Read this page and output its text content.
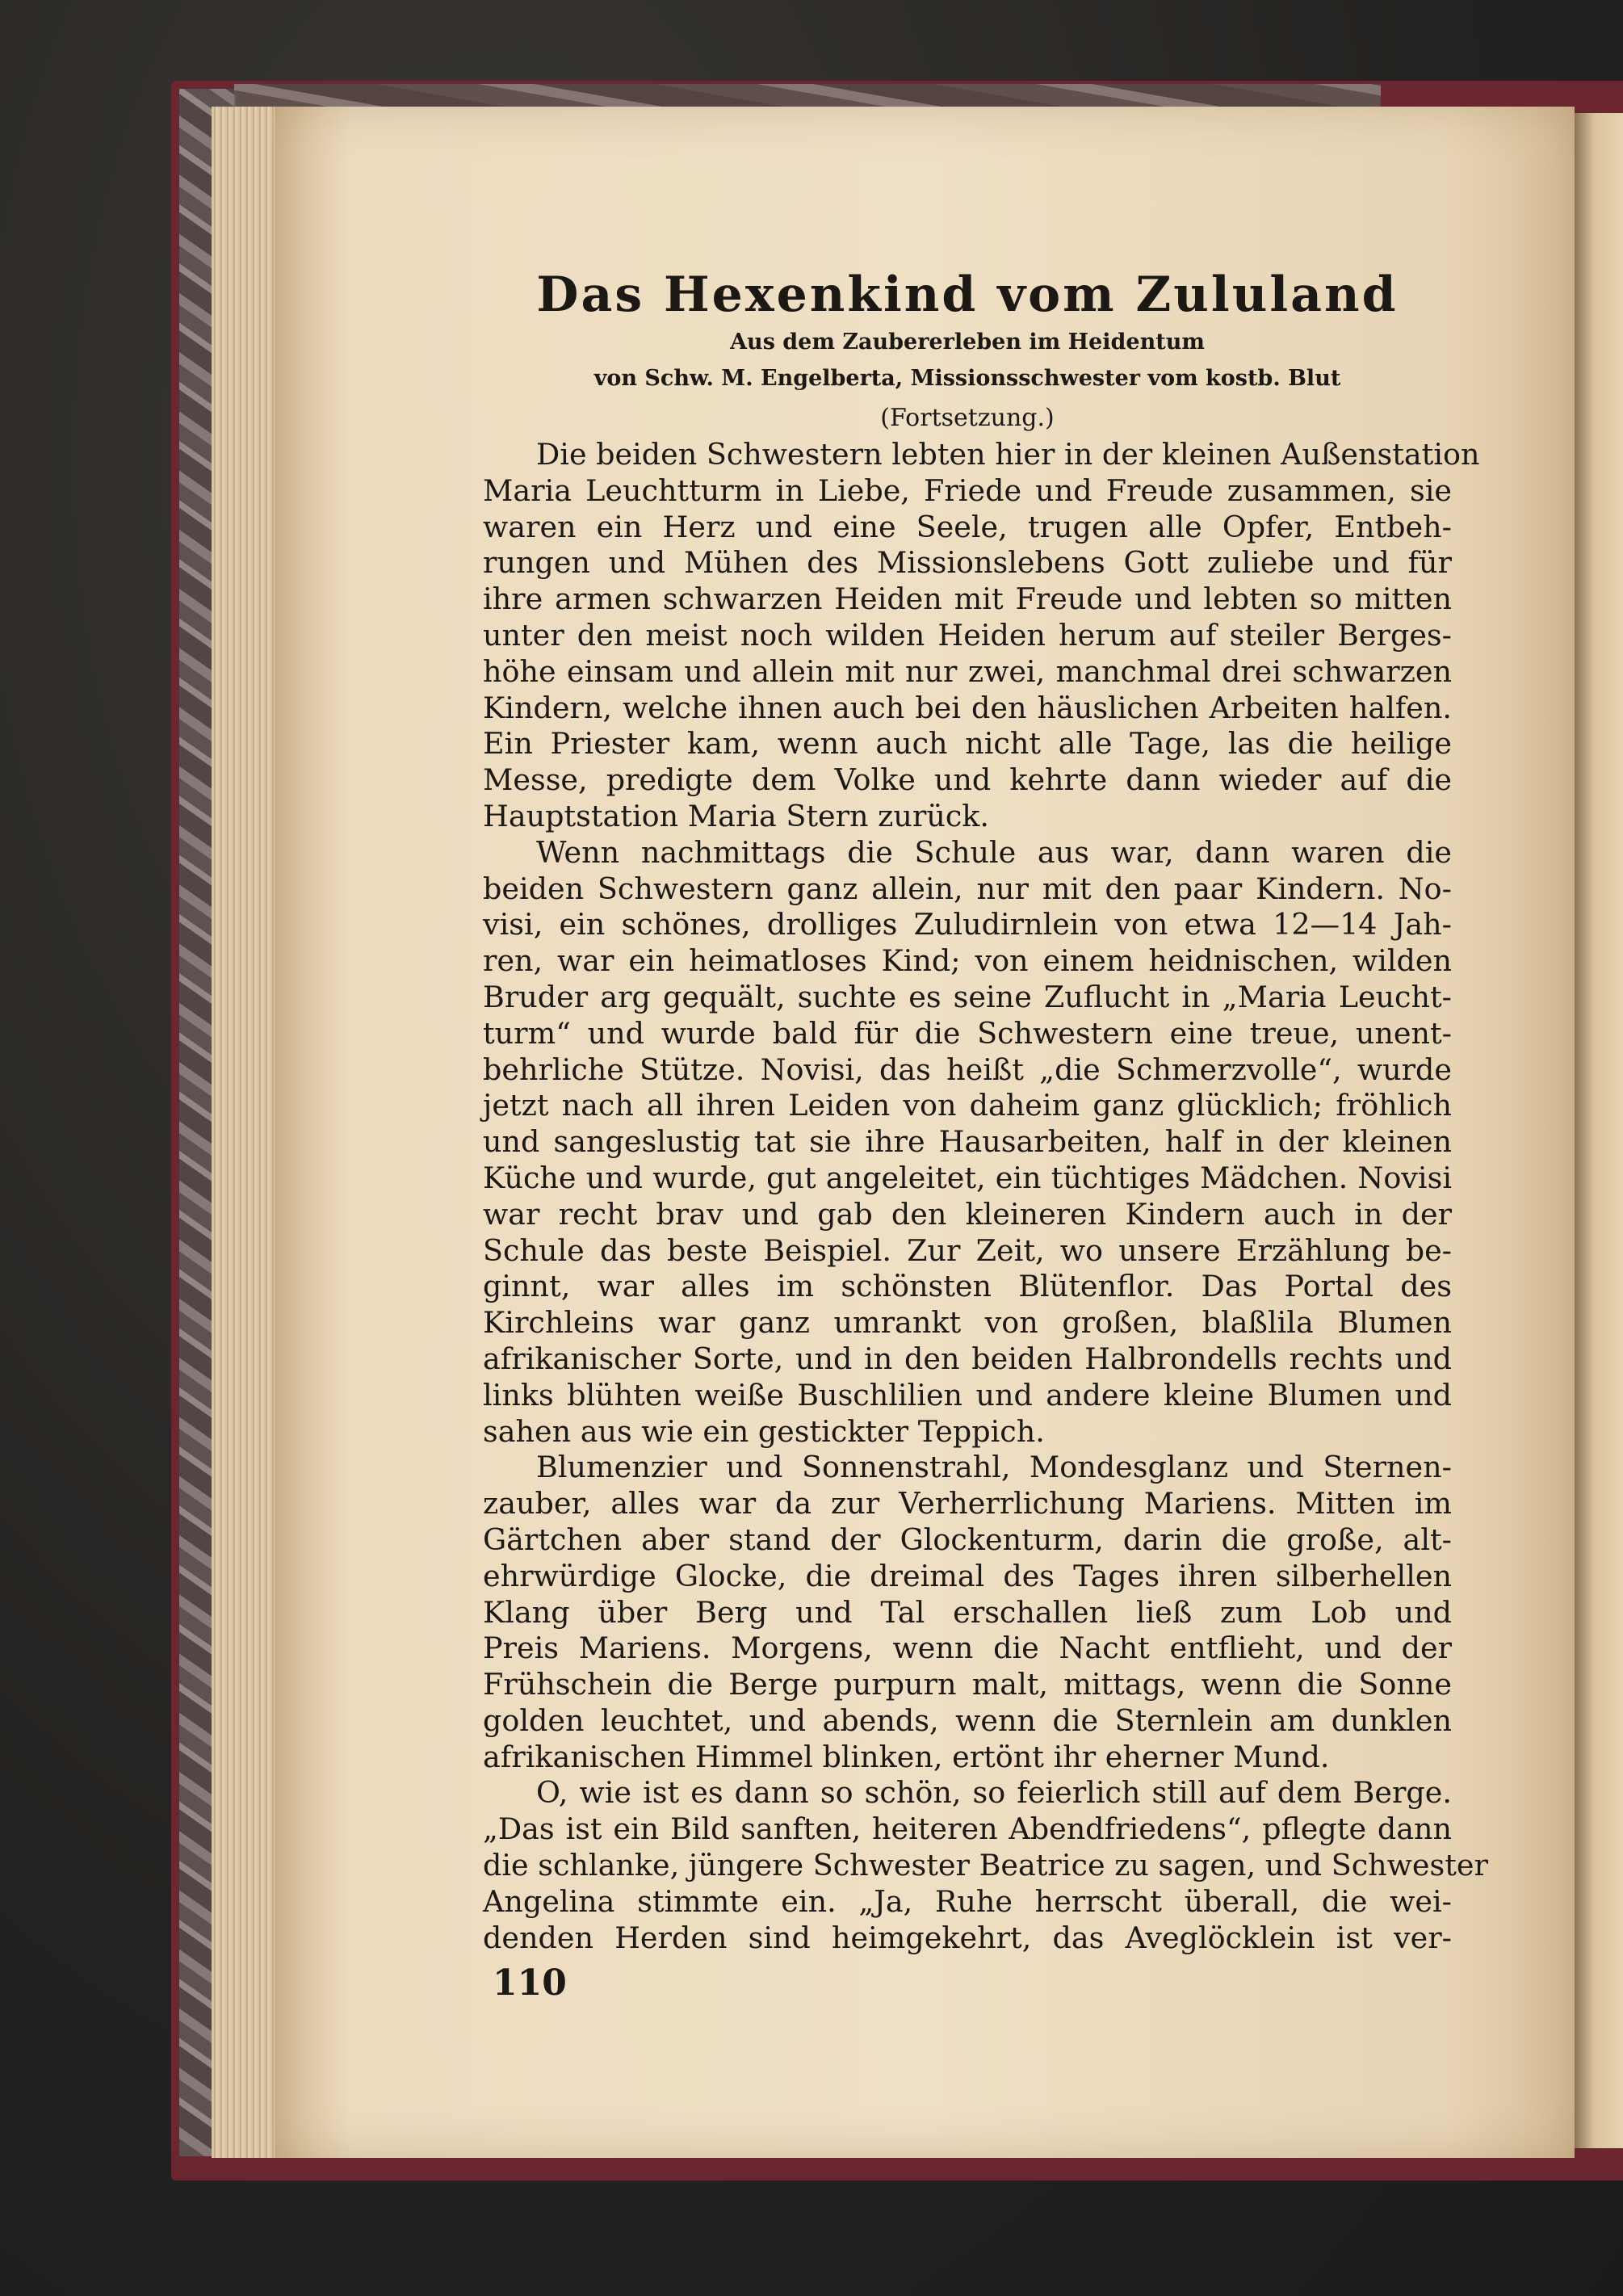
Das Hexenkind vom Zululand
Aus dem Zaubererleben im Heidentum
von Schw. M. Engelberta, Missionsschwester vom kostb. Blut
(Fortsetzung.)
Die beiden Schwestern lebten hier in der kleinen Außenstation
Maria Leuchtturm in Liebe, Friede und Freude zusammen, sie
waren ein Herz und eine Seele, trugen alle Opfer, Entbeh-
rungen und Mühen des Missionslebens Gott zuliebe und für
ihre armen schwarzen Heiden mit Freude und lebten so mitten
unter den meist noch wilden Heiden herum auf steiler Berges-
höhe einsam und allein mit nur zwei, manchmal drei schwarzen
Kindern, welche ihnen auch bei den häuslichen Arbeiten halfen.
Ein Priester kam, wenn auch nicht alle Tage, las die heilige
Messe, predigte dem Volke und kehrte dann wieder auf die
Hauptstation Maria Stern zurück.
Wenn nachmittags die Schule aus war, dann waren die
beiden Schwestern ganz allein, nur mit den paar Kindern. No-
visi, ein schönes, drolliges Zuludirnlein von etwa 12—14 Jah-
ren, war ein heimatloses Kind; von einem heidnischen, wilden
Bruder arg gequält, suchte es seine Zuflucht in „Maria Leucht-
turm“ und wurde bald für die Schwestern eine treue, unent-
behrliche Stütze. Novisi, das heißt „die Schmerzvolle“, wurde
jetzt nach all ihren Leiden von daheim ganz glücklich; fröhlich
und sangeslustig tat sie ihre Hausarbeiten, half in der kleinen
Küche und wurde, gut angeleitet, ein tüchtiges Mädchen. Novisi
war recht brav und gab den kleineren Kindern auch in der
Schule das beste Beispiel. Zur Zeit, wo unsere Erzählung be-
ginnt, war alles im schönsten Blütenflor. Das Portal des
Kirchleins war ganz umrankt von großen, blaßlila Blumen
afrikanischer Sorte, und in den beiden Halbrondells rechts und
links blühten weiße Buschlilien und andere kleine Blumen und
sahen aus wie ein gestickter Teppich.
Blumenzier und Sonnenstrahl, Mondesglanz und Sternen-
zauber, alles war da zur Verherrlichung Mariens. Mitten im
Gärtchen aber stand der Glockenturm, darin die große, alt-
ehrwürdige Glocke, die dreimal des Tages ihren silberhellen
Klang über Berg und Tal erschallen ließ zum Lob und
Preis Mariens. Morgens, wenn die Nacht entflieht, und der
Frühschein die Berge purpurn malt, mittags, wenn die Sonne
golden leuchtet, und abends, wenn die Sternlein am dunklen
afrikanischen Himmel blinken, ertönt ihr eherner Mund.
O, wie ist es dann so schön, so feierlich still auf dem Berge.
„Das ist ein Bild sanften, heiteren Abendfriedens“, pflegte dann
die schlanke, jüngere Schwester Beatrice zu sagen, und Schwester
Angelina stimmte ein. „Ja, Ruhe herrscht überall, die wei-
denden Herden sind heimgekehrt, das Aveglöcklein ist ver-
110
